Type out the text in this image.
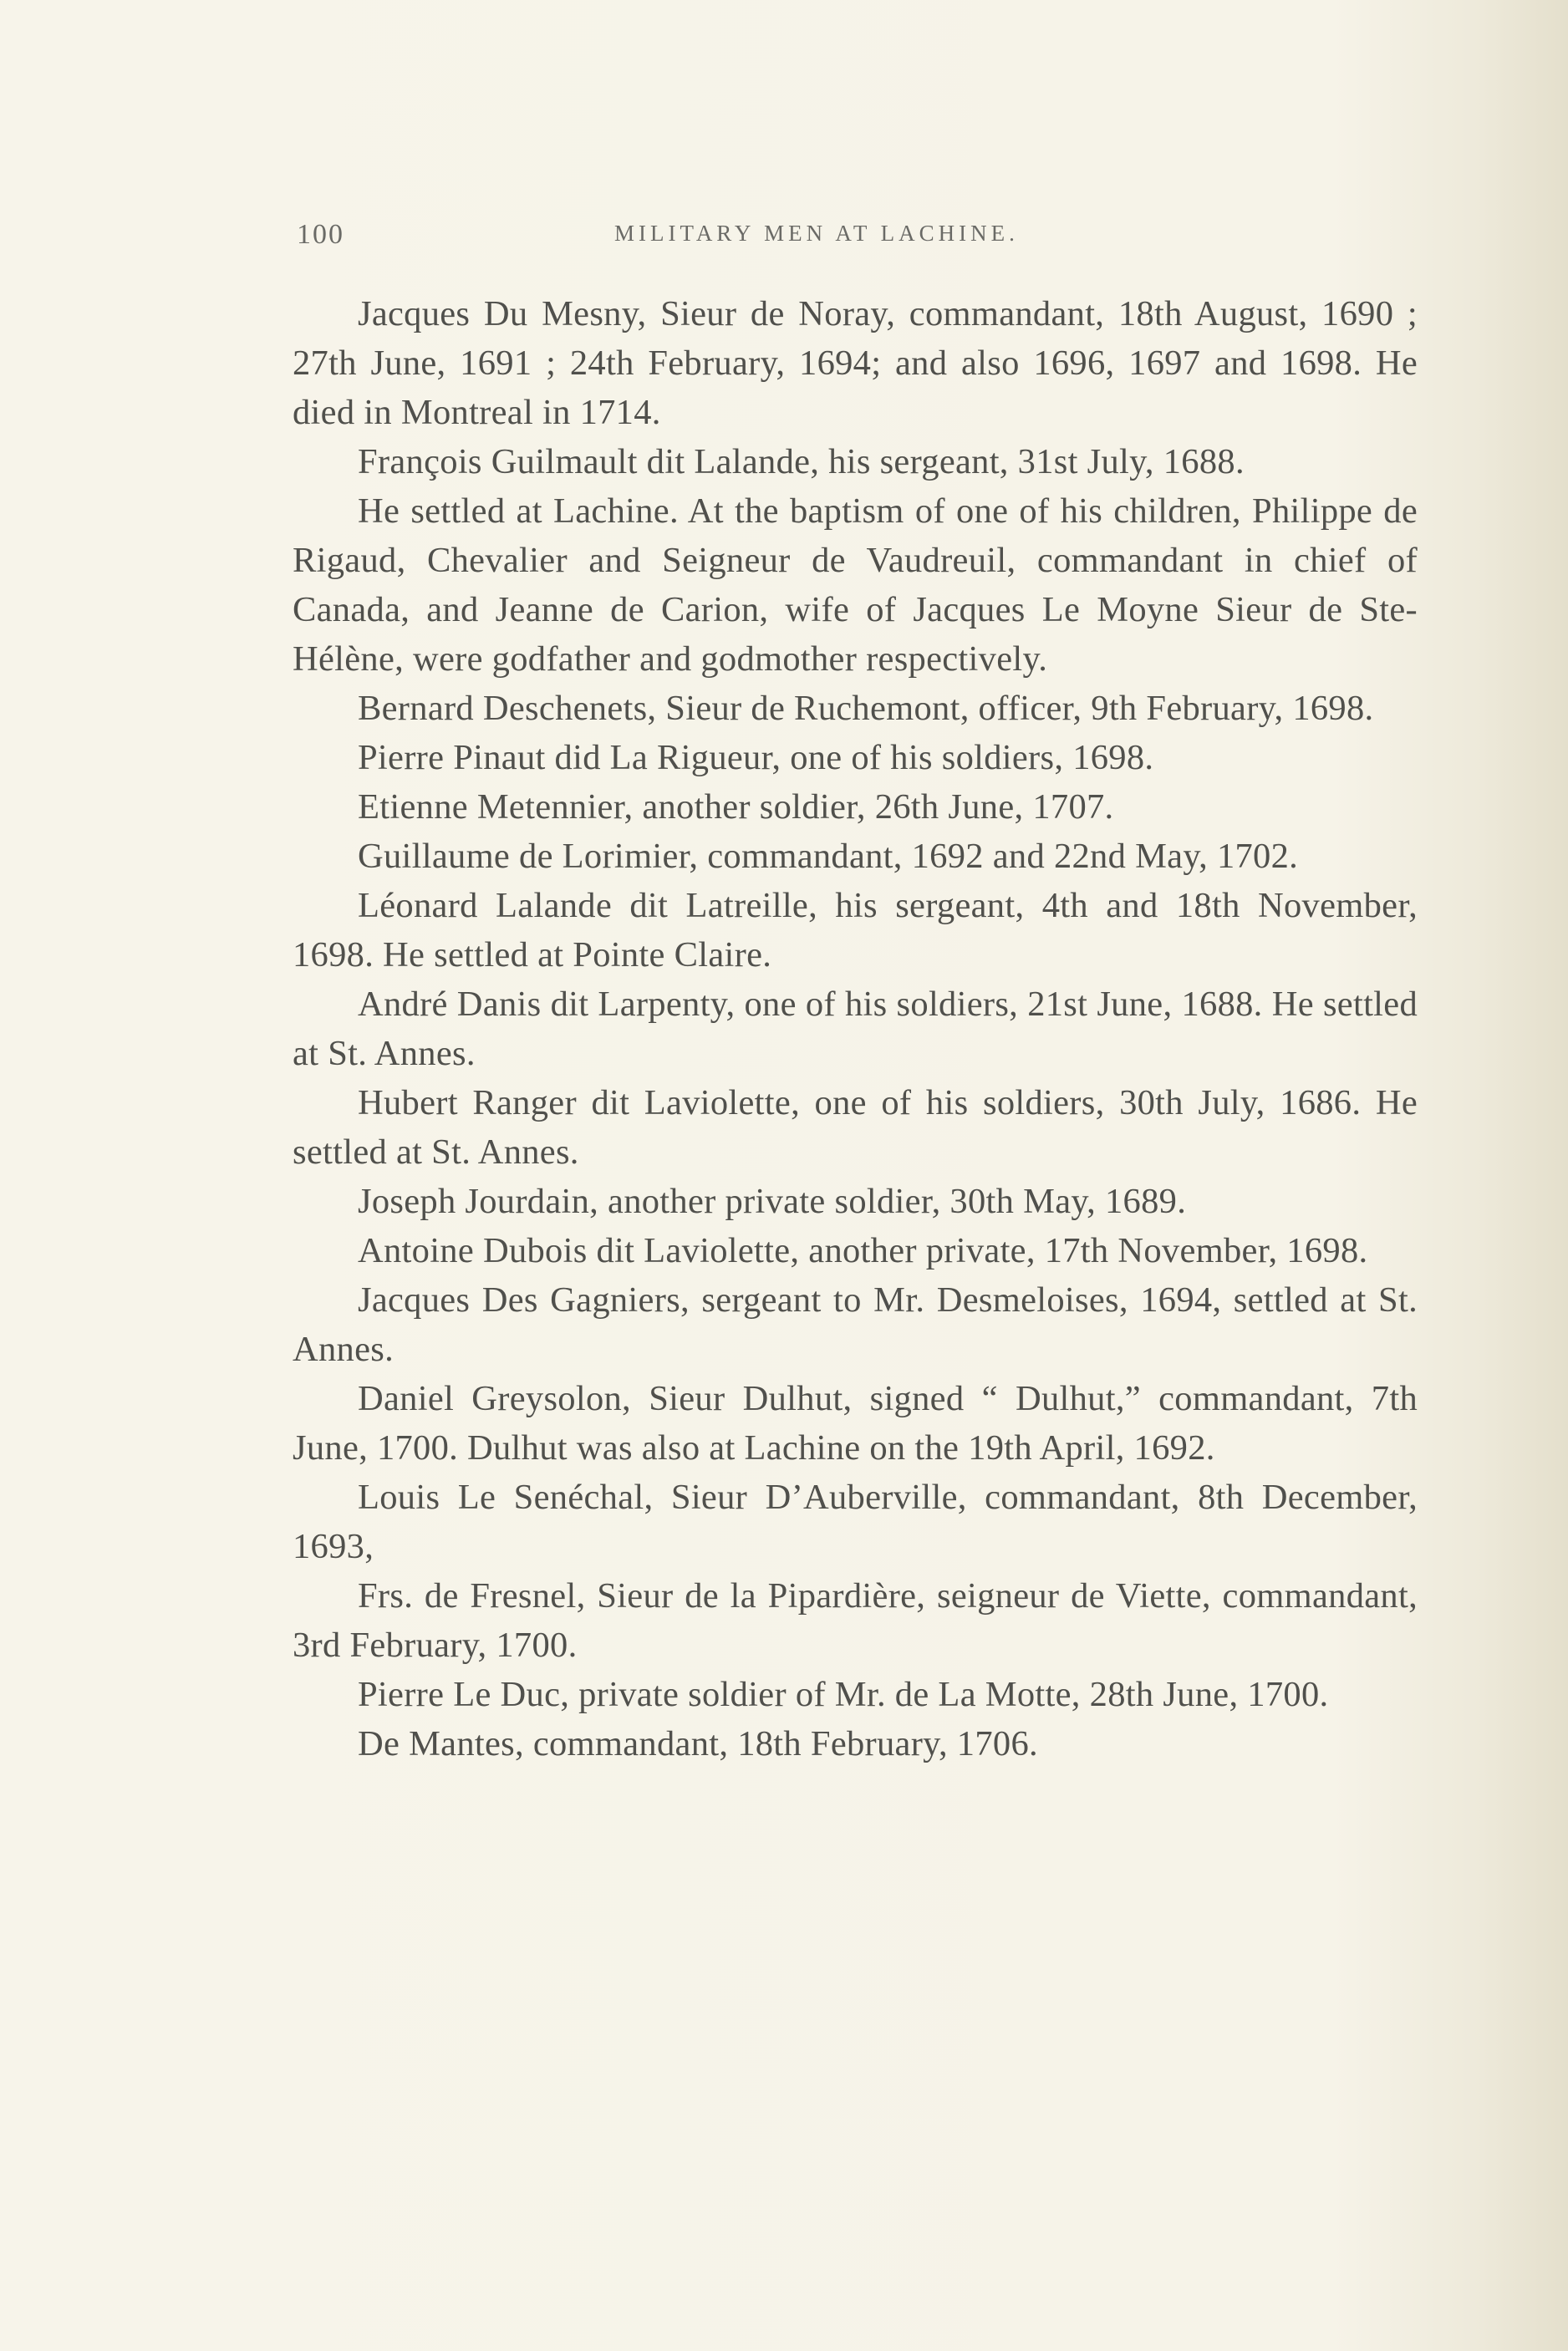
100	MILITARY MEN AT LACHINE.

Jacques Du Mesny, Sieur de Noray, commandant, 18th August, 1690 ; 27th June, 1691 ; 24th February, 1694; and also 1696, 1697 and 1698. He died in Montreal in 1714.

François Guilmault dit Lalande, his sergeant, 31st July, 1688.

He settled at Lachine. At the baptism of one of his children, Philippe de Rigaud, Chevalier and Seigneur de Vaudreuil, commandant in chief of Canada, and Jeanne de Carion, wife of Jacques Le Moyne Sieur de Ste-Hélène, were godfather and godmother respectively.

Bernard Deschenets, Sieur de Ruchemont, officer, 9th February, 1698.

Pierre Pinaut did La Rigueur, one of his soldiers, 1698.

Etienne Metennier, another soldier, 26th June, 1707.

Guillaume de Lorimier, commandant, 1692 and 22nd May, 1702.

Léonard Lalande dit Latreille, his sergeant, 4th and 18th November, 1698. He settled at Pointe Claire.

André Danis dit Larpenty, one of his soldiers, 21st June, 1688. He settled at St. Annes.

Hubert Ranger dit Laviolette, one of his soldiers, 30th July, 1686. He settled at St. Annes.

Joseph Jourdain, another private soldier, 30th May, 1689.

Antoine Dubois dit Laviolette, another private, 17th November, 1698.

Jacques Des Gagniers, sergeant to Mr. Desmeloises, 1694, settled at St. Annes.

Daniel Greysolon, Sieur Dulhut, signed “ Dulhut,” commandant, 7th June, 1700. Dulhut was also at Lachine on the 19th April, 1692.

Louis Le Senéchal, Sieur D’Auberville, commandant, 8th December, 1693,

Frs. de Fresnel, Sieur de la Pipardière, seigneur de Viette, commandant, 3rd February, 1700.

Pierre Le Duc, private soldier of Mr. de La Motte, 28th June, 1700.

De Mantes, commandant, 18th February, 1706.
